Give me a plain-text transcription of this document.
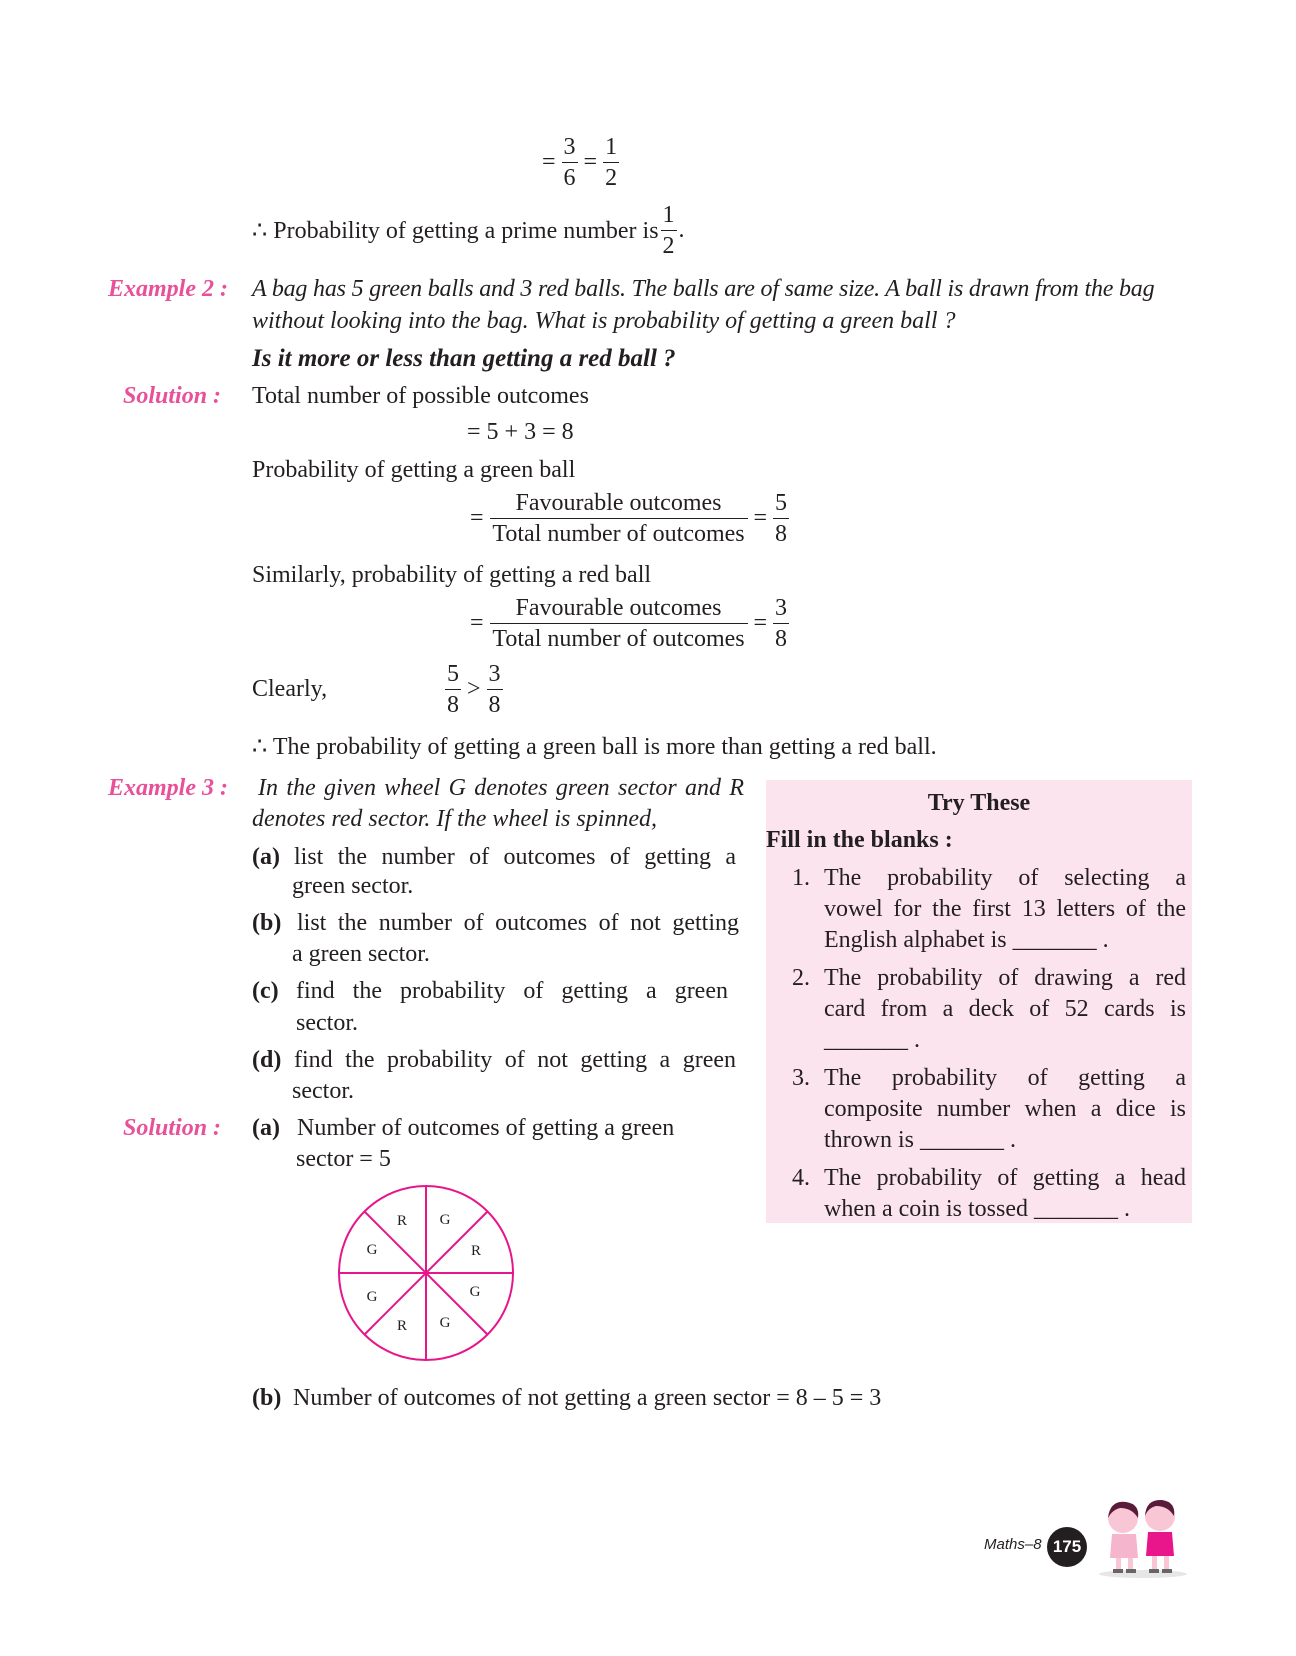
= $\frac{3}{6} = \frac{1}{2}$
∴ Probability of getting a prime number is $\frac{1}{2}$ .
Example 2 : A bag has 5 green balls and 3 red balls. The balls are of same size. A ball is drawn from the bag
without looking into the bag. What is probability of getting a green ball ?
Is it more or less than getting a red ball ?
Solution : Total number of possible outcomes
= 5 + 3 = 8
Probability of getting a green ball
= $\frac{\text{Favourable outcomes}}{\text{Total number of outcomes}} = \frac{5}{8}$
Similarly, probability of getting a red ball
= $\frac{\text{Favourable outcomes}}{\text{Total number of outcomes}} = \frac{3}{8}$
Clearly,	$\frac{5}{8} > \frac{3}{8}$
∴ The probability of getting a green ball is more than getting a red ball.
Example 3 : In the given wheel G denotes green sector and R
denotes red sector. If the wheel is spinned,
(a) list the number of outcomes of getting a
green sector.
(b) list the number of outcomes of not getting
a green sector.
(c) find the probability of getting a green
sector.
(d) find the probability of not getting a green
sector.
Solution : (a) Number of outcomes of getting a green
sector = 5
R G
R
G
G
R
G
G
(b) Number of outcomes of not getting a green sector = 8 – 5 = 3
Try These
Fill in the blanks :
1. The probability of selecting a
vowel for the first 13 letters of the
English alphabet is _______ .
2. The probability of drawing a red
card from a deck of 52 cards is
_______ .
3. The probability of getting a
composite number when a dice is
thrown is _______ .
4. The probability of getting a head
when a coin is tossed _______ .
Maths–8 175
